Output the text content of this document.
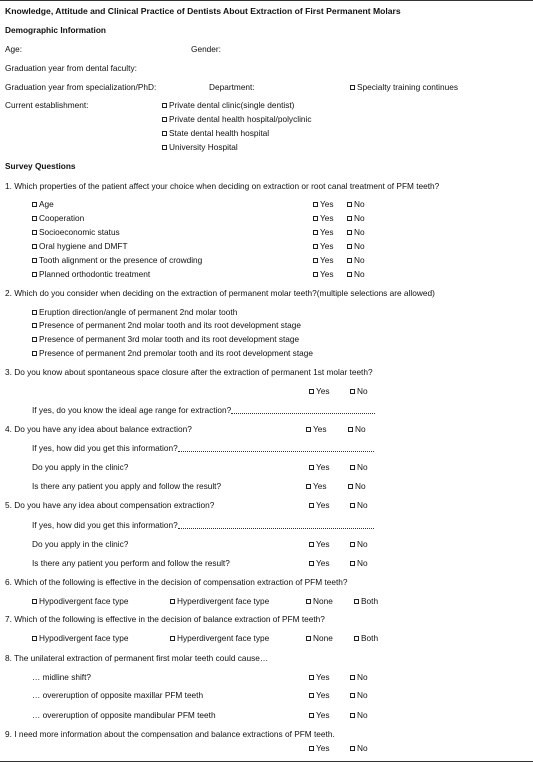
Knowledge, Attitude and Clinical Practice of Dentists About Extraction of First Permanent Molars
Demographic Information
Age:	Gender:
Graduation year from dental faculty:
Graduation year from specialization/PhD:	Department:	Specialty training continues
Current establishment:	Private dental clinic(single dentist)
Private dental health hospital/polyclinic
State dental health hospital
University Hospital
Survey Questions
1. Which properties of the patient affect your choice when deciding on extraction or root canal treatment of PFM teeth?
Age	Yes	No
Cooperation	Yes	No
Socioeconomic status	Yes	No
Oral hygiene and DMFT	Yes	No
Tooth alignment or the presence of crowding	Yes	No
Planned orthodontic treatment	Yes	No
2. Which do you consider when deciding on the extraction of permanent molar teeth?(multiple selections are allowed)
Eruption direction/angle of permanent 2nd molar tooth
Presence of permanent 2nd molar tooth and its root development stage
Presence of permanent 3rd molar tooth and its root development stage
Presence of permanent 2nd premolar tooth and its root development stage
3. Do you know about spontaneous space closure after the extraction of permanent 1st molar teeth?
Yes	No
If yes, do you know the ideal age range for extraction?
4. Do you have any idea about balance extraction?	Yes	No
If yes, how did you get this information?
Do you apply in the clinic?	Yes	No
Is there any patient you apply and follow the result?	Yes	No
5. Do you have any idea about compensation extraction?	Yes	No
If yes, how did you get this information?
Do you apply in the clinic?	Yes	No
Is there any patient you perform and follow the result?	Yes	No
6. Which of the following is effective in the decision of compensation extraction of PFM teeth?
Hypodivergent face type	Hyperdivergent face type	None	Both
7. Which of the following is effective in the decision of balance extraction of PFM teeth?
Hypodivergent face type	Hyperdivergent face type	None	Both
8. The unilateral extraction of permanent first molar teeth could cause…
… midline shift?	Yes	No
… overeruption of opposite maxillar PFM teeth	Yes	No
… overeruption of opposite mandibular PFM teeth	Yes	No
9. I need more information about the compensation and balance extractions of PFM teeth.
Yes	No
